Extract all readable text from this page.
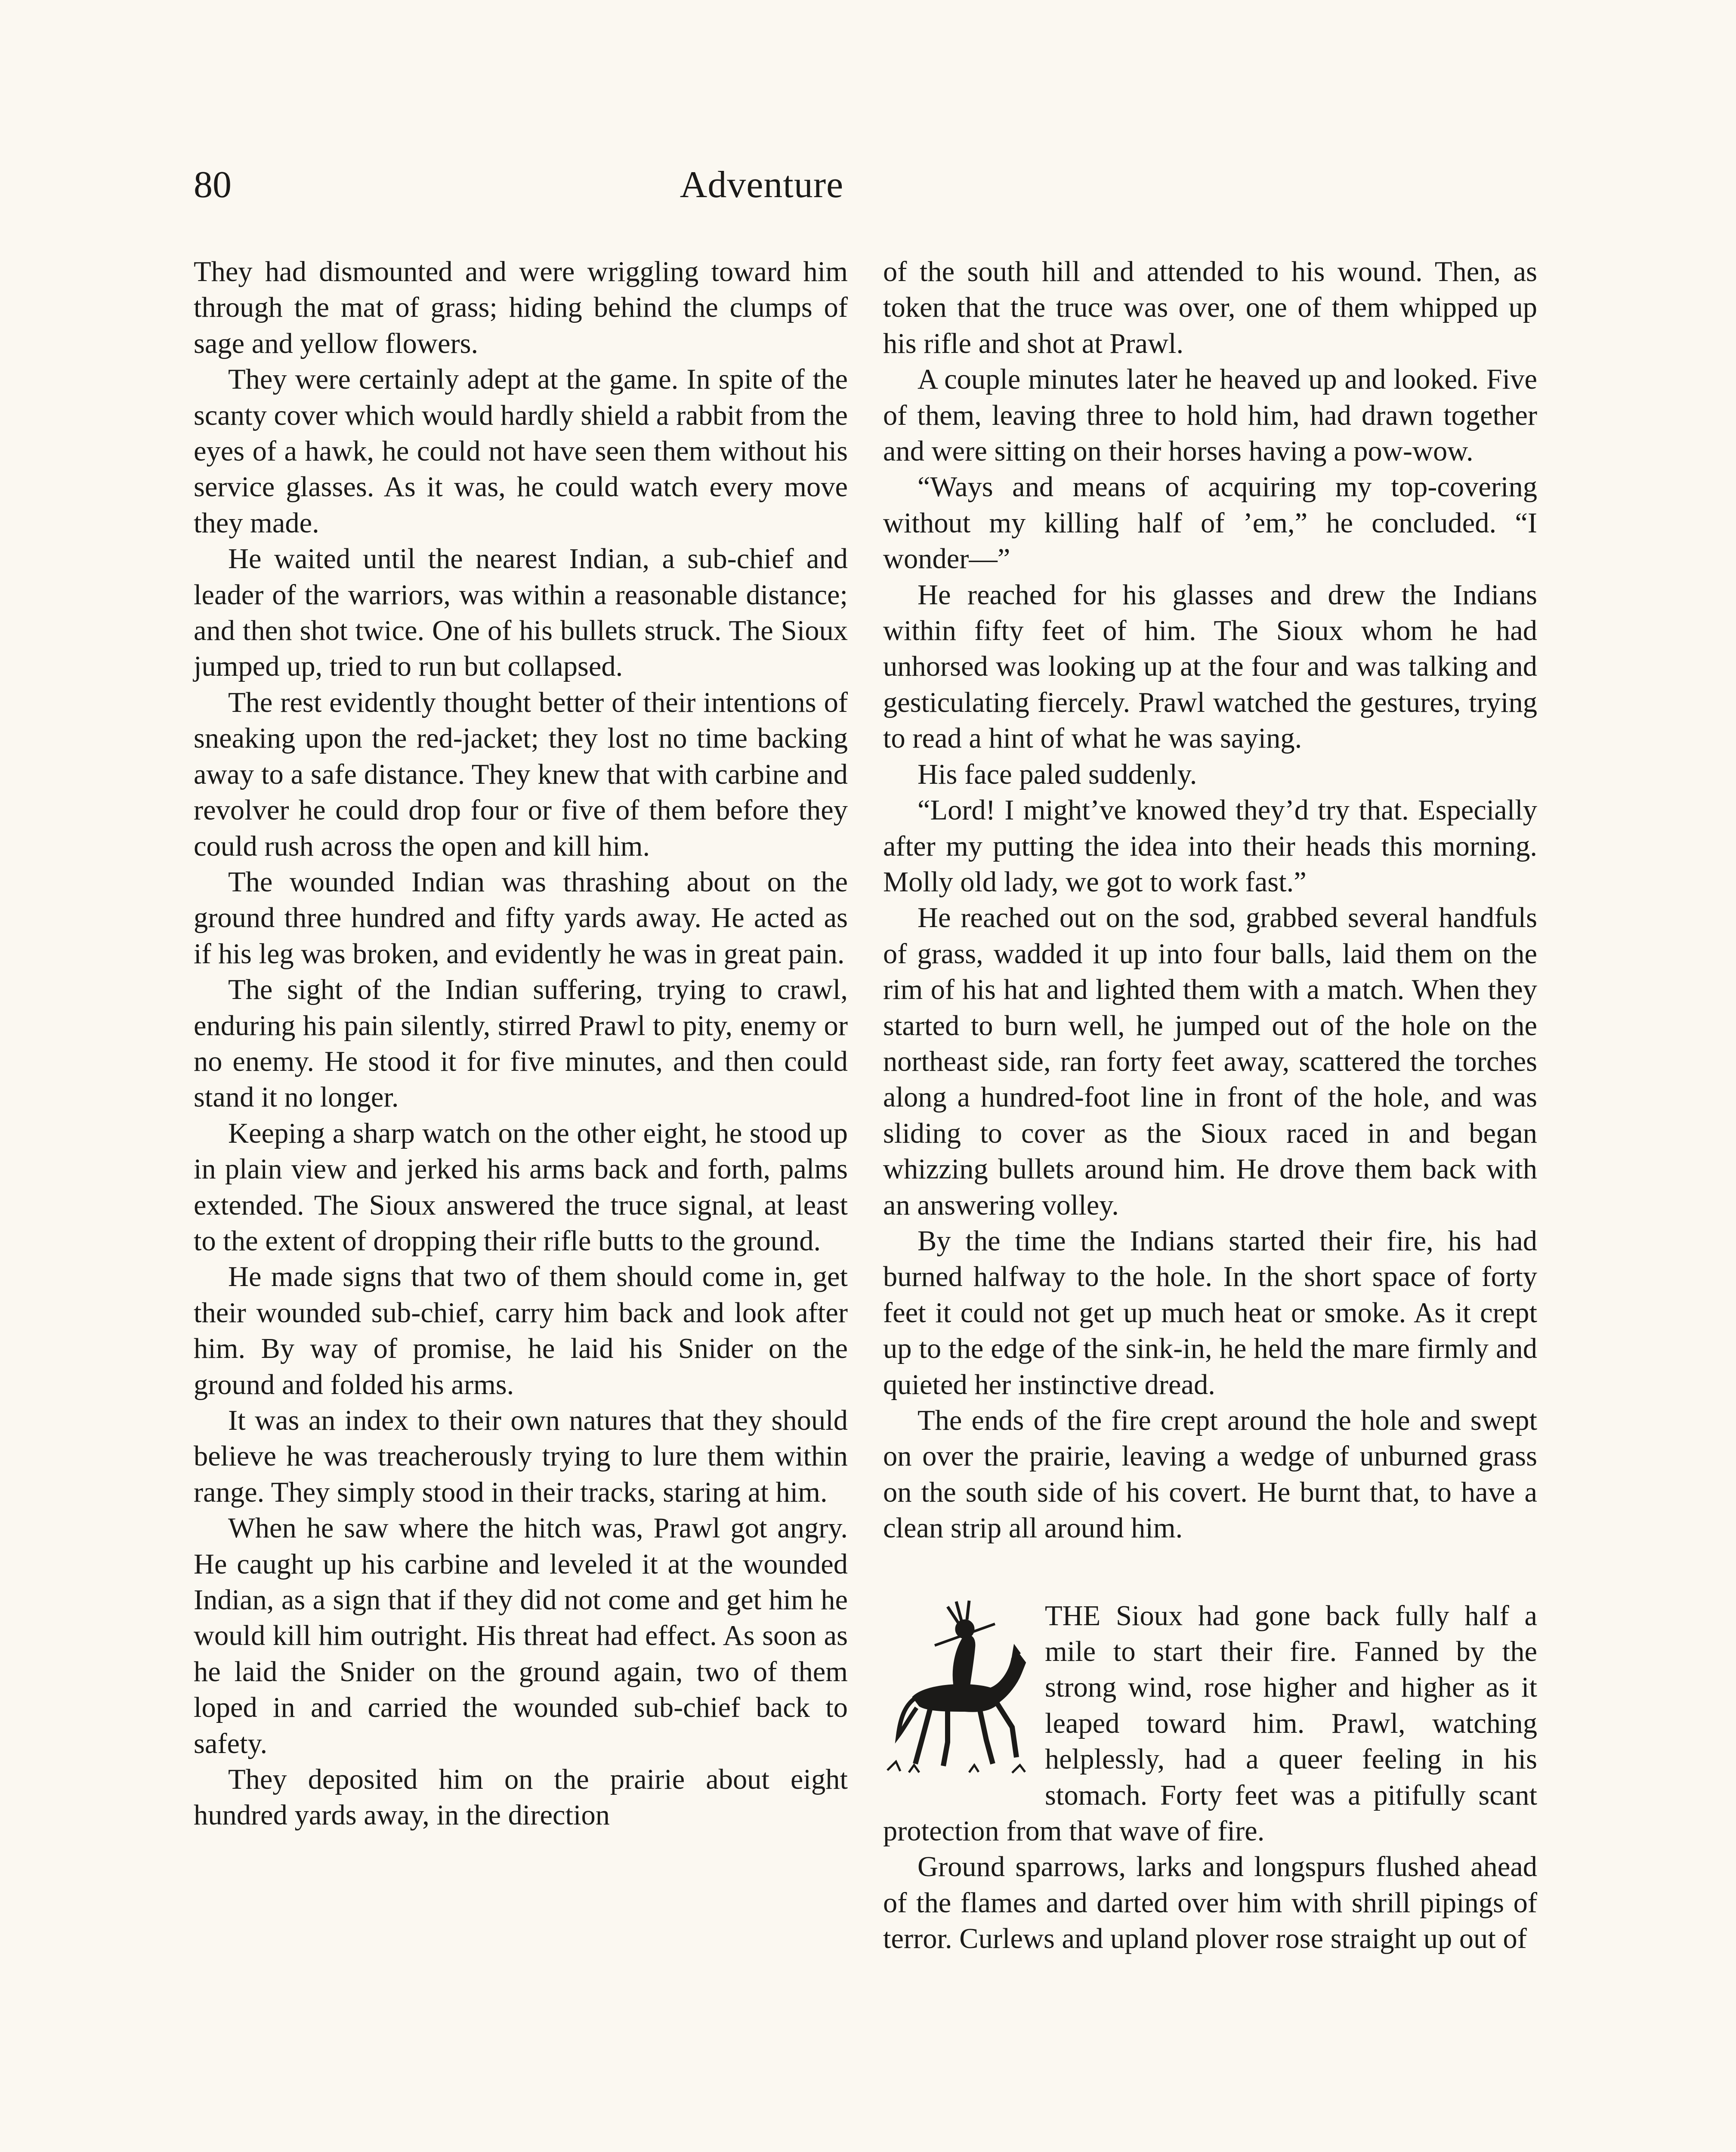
80	Adventure

They had dismounted and were wriggling toward him through the mat of grass; hiding behind the clumps of sage and yellow flowers.

They were certainly adept at the game. In spite of the scanty cover which would hardly shield a rabbit from the eyes of a hawk, he could not have seen them without his service glasses. As it was, he could watch every move they made.

He waited until the nearest Indian, a sub-chief and leader of the warriors, was within a reasonable distance; and then shot twice. One of his bullets struck. The Sioux jumped up, tried to run but collapsed.

The rest evidently thought better of their intentions of sneaking upon the red-jacket; they lost no time backing away to a safe distance. They knew that with carbine and revolver he could drop four or five of them before they could rush across the open and kill him.

The wounded Indian was thrashing about on the ground three hundred and fifty yards away. He acted as if his leg was broken, and evidently he was in great pain.

The sight of the Indian suffering, trying to crawl, enduring his pain silently, stirred Prawl to pity, enemy or no enemy. He stood it for five minutes, and then could stand it no longer.

Keeping a sharp watch on the other eight, he stood up in plain view and jerked his arms back and forth, palms extended. The Sioux answered the truce signal, at least to the extent of dropping their rifle butts to the ground.

He made signs that two of them should come in, get their wounded sub-chief, carry him back and look after him. By way of promise, he laid his Snider on the ground and folded his arms.

It was an index to their own natures that they should believe he was treacherously trying to lure them within range. They simply stood in their tracks, staring at him.

When he saw where the hitch was, Prawl got angry. He caught up his carbine and leveled it at the wounded Indian, as a sign that if they did not come and get him he would kill him outright. His threat had effect. As soon as he laid the Snider on the ground again, two of them loped in and carried the wounded sub-chief back to safety.

They deposited him on the prairie about eight hundred yards away, in the direction

of the south hill and attended to his wound. Then, as token that the truce was over, one of them whipped up his rifle and shot at Prawl.

A couple minutes later he heaved up and looked. Five of them, leaving three to hold him, had drawn together and were sitting on their horses having a pow-wow.

“Ways and means of acquiring my top-covering without my killing half of ’em,” he concluded. “I wonder—”

He reached for his glasses and drew the Indians within fifty feet of him. The Sioux whom he had unhorsed was looking up at the four and was talking and gesticulating fiercely. Prawl watched the gestures, trying to read a hint of what he was saying.

His face paled suddenly.

“Lord! I might’ve knowed they’d try that. Especially after my putting the idea into their heads this morning. Molly old lady, we got to work fast.”

He reached out on the sod, grabbed several handfuls of grass, wadded it up into four balls, laid them on the rim of his hat and lighted them with a match. When they started to burn well, he jumped out of the hole on the northeast side, ran forty feet away, scattered the torches along a hundred-foot line in front of the hole, and was sliding to cover as the Sioux raced in and began whizzing bullets around him. He drove them back with an answering volley.

By the time the Indians started their fire, his had burned halfway to the hole. In the short space of forty feet it could not get up much heat or smoke. As it crept up to the edge of the sink-in, he held the mare firmly and quieted her instinctive dread.

The ends of the fire crept around the hole and swept on over the prairie, leaving a wedge of unburned grass on the south side of his covert. He burnt that, to have a clean strip all around him.

THE Sioux had gone back fully half a mile to start their fire. Fanned by the strong wind, rose higher and higher as it leaped toward him. Prawl, watching helplessly, had a queer feeling in his stomach. Forty feet was a pitifully scant protection from that wave of fire.

Ground sparrows, larks and longspurs flushed ahead of the flames and darted over him with shrill pipings of terror. Curlews and upland plover rose straight up out of
